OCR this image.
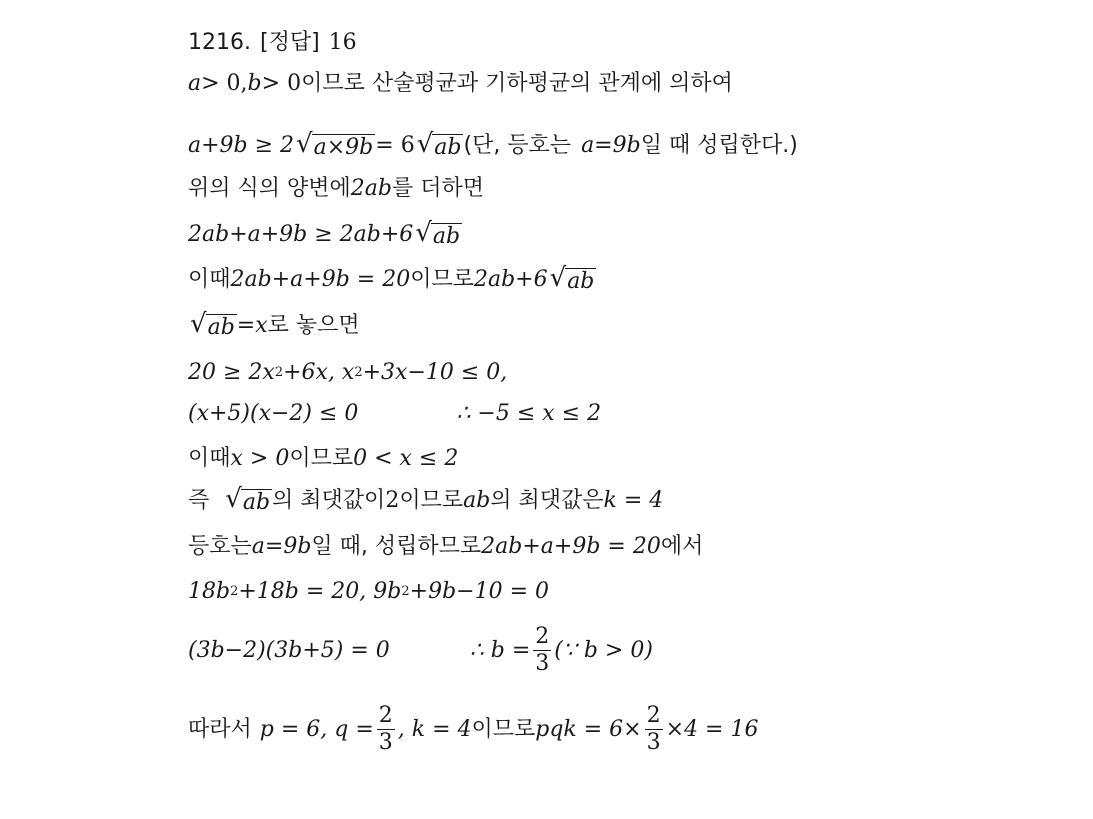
1216. [정답] 16
a > 0, b > 0 이므로 산술평균과 기하평균의 관계에 의하여
a+9b ≥ 2 √ a×9b = 6 √ ab (단, 등호는 a=9b 일 때 성립한다.)
위의 식의 양변에 2ab 를 더하면
2ab+a+9b ≥ 2ab+6 √ ab
이때 2ab+a+9b = 20 이므로 2ab+6 √ ab
√ ab =x 로 놓으면
20 ≥ 2x 2 +6x, x 2 +3x−10 ≤ 0,
(x+5)(x−2) ≤ 0	∴ −5 ≤ x ≤ 2
이때 x > 0 이므로 0 < x ≤ 2
즉 √ ab 의 최댓값이 2 이므로 ab 의 최댓값은 k = 4
등호는 a=9b 일 때, 성립하므로 2ab+a+9b = 20 에서
18b 2 +18b = 20, 9b 2 +9b−10 = 0
(3b−2)(3b+5) = 0	∴ $b = \frac{2}{3}$ (∵ b > 0)
따라서 p = 6, $q = \frac{2}{3}$ , k = 4 이므로 pqk = $6\times \frac{2}{3} \times 4 = 16$
